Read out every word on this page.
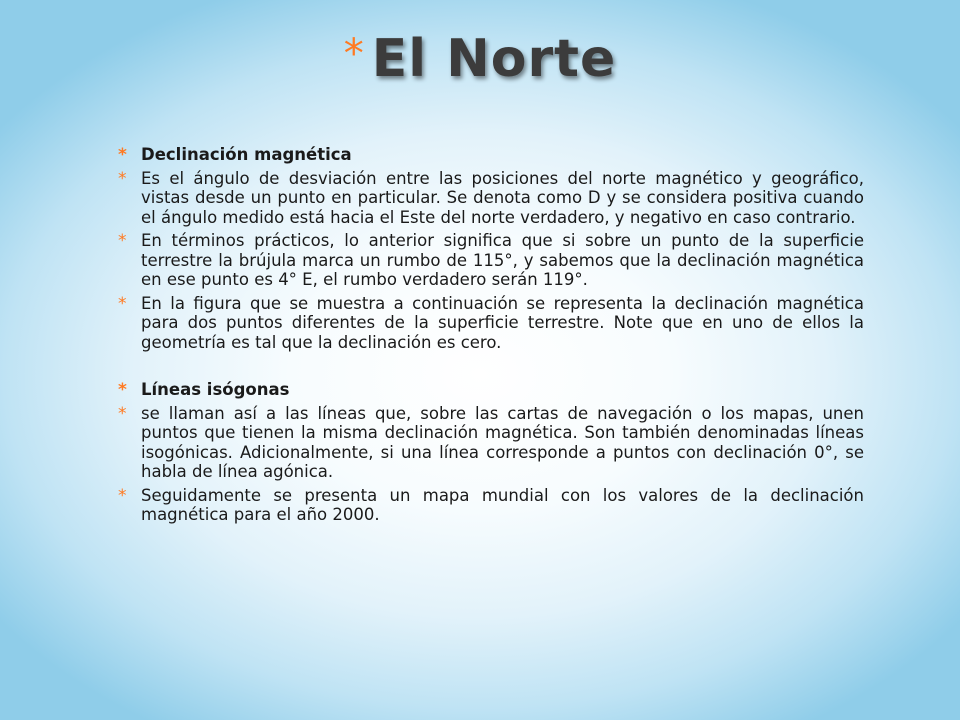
* El Norte
* Declinación magnética
* Es el ángulo de desviación entre las posiciones del norte magnético y geográfico, vistas desde un punto en particular. Se denota como D y se considera positiva cuando el ángulo medido está hacia el Este del norte verdadero, y negativo en caso contrario.
* En términos prácticos, lo anterior significa que si sobre un punto de la superficie terrestre la brújula marca un rumbo de 115°, y sabemos que la declinación magnética en ese punto es 4° E, el rumbo verdadero serán 119°.
* En la figura que se muestra a continuación se representa la declinación magnética para dos puntos diferentes de la superficie terrestre. Note que en uno de ellos la geometría es tal que la declinación es cero.
* Líneas isógonas
* se llaman así a las líneas que, sobre las cartas de navegación o los mapas, unen puntos que tienen la misma declinación magnética. Son también denominadas líneas isogónicas. Adicionalmente, si una línea corresponde a puntos con declinación 0°, se habla de línea agónica.
* Seguidamente se presenta un mapa mundial con los valores de la declinación magnética para el año 2000.
